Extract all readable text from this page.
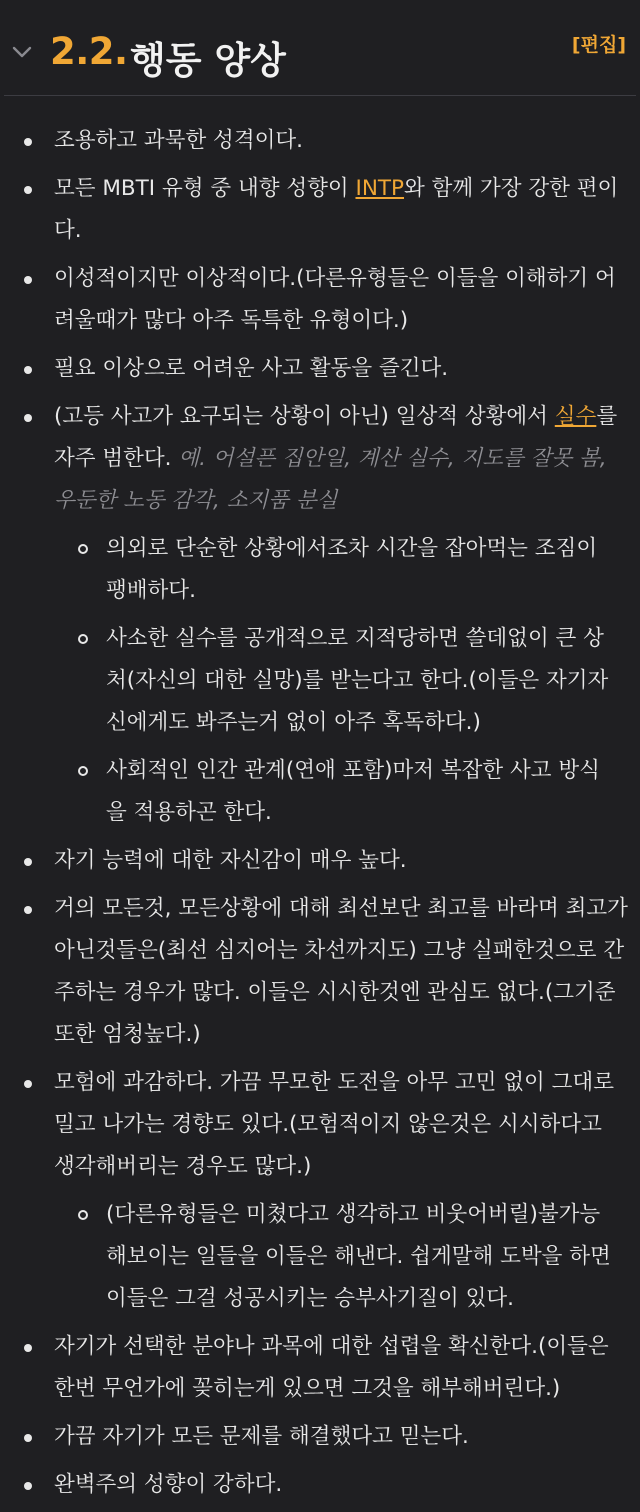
2.2. 행동 양상	[편집]
조용하고 과묵한 성격이다.
모든 MBTI 유형 중 내향 성향이 INTP와 함께 가장 강한 편이다.
이성적이지만 이상적이다.(다른유형들은 이들을 이해하기 어려울때가 많다 아주 독특한 유형이다.)
필요 이상으로 어려운 사고 활동을 즐긴다.
(고등 사고가 요구되는 상황이 아닌) 일상적 상황에서 실수를 자주 범한다. 예. 어설픈 집안일, 계산 실수, 지도를 잘못 봄, 우둔한 노동 감각, 소지품 분실
의외로 단순한 상황에서조차 시간을 잡아먹는 조짐이 팽배하다.
사소한 실수를 공개적으로 지적당하면 쓸데없이 큰 상처(자신의 대한 실망)를 받는다고 한다.(이들은 자기자신에게도 봐주는거 없이 아주 혹독하다.)
사회적인 인간 관계(연애 포함)마저 복잡한 사고 방식을 적용하곤 한다.
자기 능력에 대한 자신감이 매우 높다.
거의 모든것, 모든상황에 대해 최선보단 최고를 바라며 최고가 아닌것들은(최선 심지어는 차선까지도) 그냥 실패한것으로 간주하는 경우가 많다. 이들은 시시한것엔 관심도 없다.(그기준 또한 엄청높다.)
모험에 과감하다. 가끔 무모한 도전을 아무 고민 없이 그대로 밀고 나가는 경향도 있다.(모험적이지 않은것은 시시하다고 생각해버리는 경우도 많다.)
(다른유형들은 미쳤다고 생각하고 비웃어버릴)불가능해보이는 일들을 이들은 해낸다. 쉽게말해 도박을 하면 이들은 그걸 성공시키는 승부사기질이 있다.
자기가 선택한 분야나 과목에 대한 섭렵을 확신한다.(이들은 한번 무언가에 꽂히는게 있으면 그것을 해부해버린다.)
가끔 자기가 모든 문제를 해결했다고 믿는다.
완벽주의 성향이 강하다.
